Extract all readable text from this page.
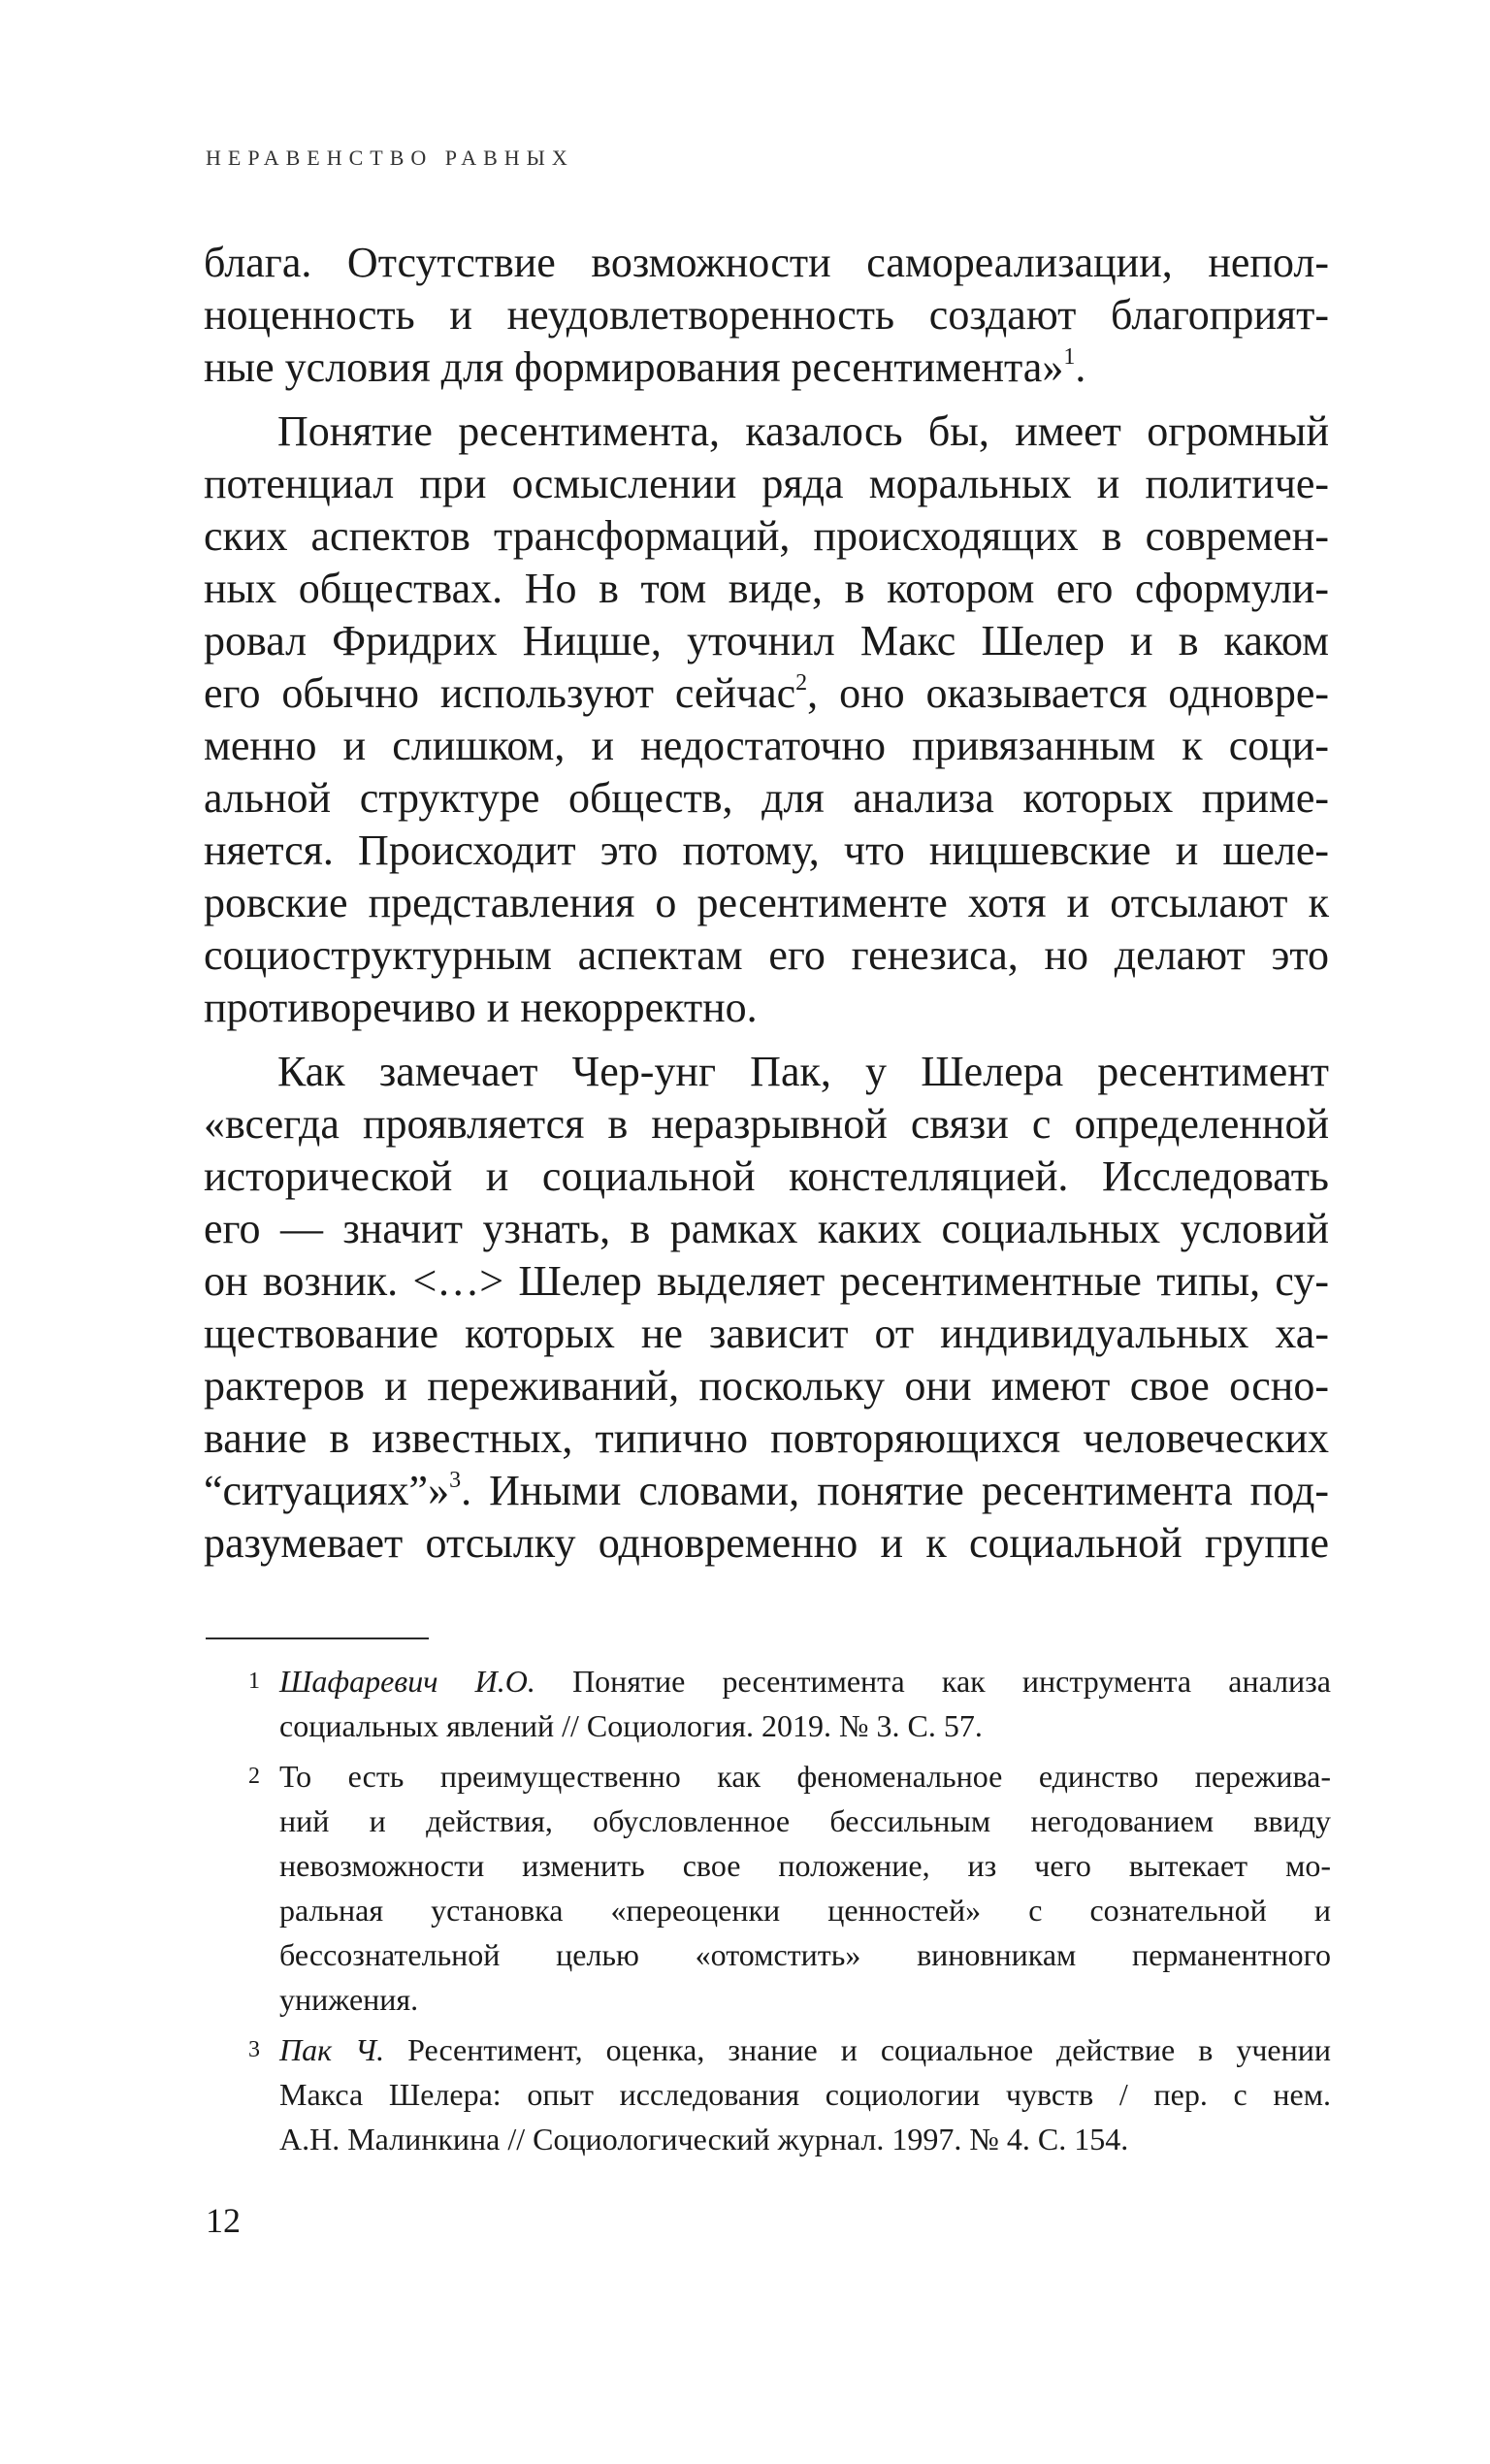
НЕРАВЕНСТВО РАВНЫХ
блага. Отсутствие возможности самореализации, непол-
ноценность и неудовлетворенность создают благоприят-
ные условия для формирования ресентимента»$^1$.
Понятие ресентимента, казалось бы, имеет огромный
потенциал при осмыслении ряда моральных и политиче-
ских аспектов трансформаций, происходящих в современ-
ных обществах. Но в том виде, в котором его сформули-
ровал Фридрих Ницше, уточнил Макс Шелер и в каком
его обычно используют сейчас$^2$, оно оказывается одновре-
менно и слишком, и недостаточно привязанным к соци-
альной структуре обществ, для анализа которых приме-
няется. Происходит это потому, что ницшевские и шеле-
ровские представления о ресентименте хотя и отсылают к
социоструктурным аспектам его генезиса, но делают это
противоречиво и некорректно.
Как замечает Чер-унг Пак, у Шелера ресентимент
«всегда проявляется в неразрывной связи с определенной
исторической и социальной констелляцией. Исследовать
его — значит узнать, в рамках каких социальных условий
он возник. <…> Шелер выделяет ресентиментные типы, су-
ществование которых не зависит от индивидуальных ха-
рактеров и переживаний, поскольку они имеют свое осно-
вание в известных, типично повторяющихся человеческих
“ситуациях”»$^3$. Иными словами, понятие ресентимента под-
разумевает отсылку одновременно и к социальной группе
1 Шафаревич И.О. Понятие ресентимента как инструмента анализа
социальных явлений // Социология. 2019. № 3. С. 57.
2 То есть преимущественно как феноменальное единство пережива-
ний и действия, обусловленное бессильным негодованием ввиду
невозможности изменить свое положение, из чего вытекает мо-
ральная установка «переоценки ценностей» с сознательной и
бессознательной целью «отомстить» виновникам перманентного
унижения.
3 Пак Ч. Ресентимент, оценка, знание и социальное действие в учении
Макса Шелера: опыт исследования социологии чувств / пер. с нем.
А.Н. Малинкина // Социологический журнал. 1997. № 4. С. 154.
12
